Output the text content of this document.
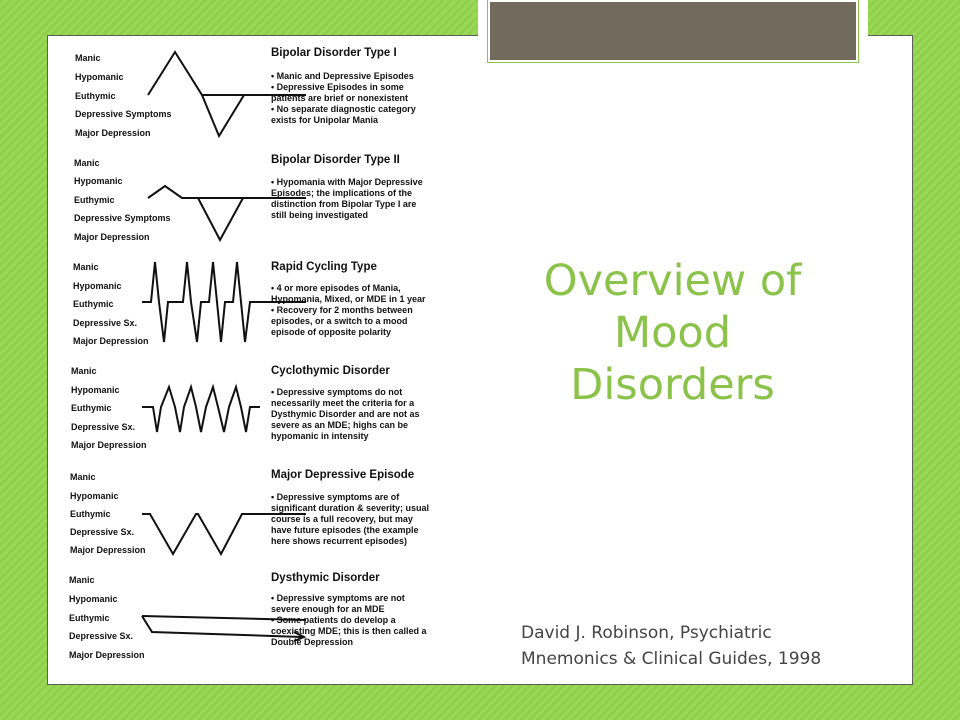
Manic
Hypomanic
Euthymic
Depressive Symptoms
Major Depression
Bipolar Disorder Type I
• Manic and Depressive Episodes
• Depressive Episodes in some
patients are brief or nonexistent
• No separate diagnostic category
exists for Unipolar Mania
Manic
Hypomanic
Euthymic
Depressive Symptoms
Major Depression
Bipolar Disorder Type II
• Hypomania with Major Depressive
Episodes; the implications of the
distinction from Bipolar Type I are
still being investigated
Manic
Hypomanic
Euthymic
Depressive Sx.
Major Depression
Rapid Cycling Type
• 4 or more episodes of Mania,
Hypomania, Mixed, or MDE in 1 year
• Recovery for 2 months between
episodes, or a switch to a mood
episode of opposite polarity
Manic
Hypomanic
Euthymic
Depressive Sx.
Major Depression
Cyclothymic Disorder
• Depressive symptoms do not
necessarily meet the criteria for a
Dysthymic Disorder and are not as
severe as an MDE; highs can be
hypomanic in intensity
Manic
Hypomanic
Euthymic
Depressive Sx.
Major Depression
Major Depressive Episode
• Depressive symptoms are of
significant duration & severity; usual
course is a full recovery, but may
have future episodes (the example
here shows recurrent episodes)
Manic
Hypomanic
Euthymic
Depressive Sx.
Major Depression
Dysthymic Disorder
• Depressive symptoms are not
severe enough for an MDE
• Some patients do develop a
coexisting MDE; this is then called a
Double Depression
Overview of
Mood
Disorders
David J. Robinson, Psychiatric
Mnemonics & Clinical Guides, 1998
